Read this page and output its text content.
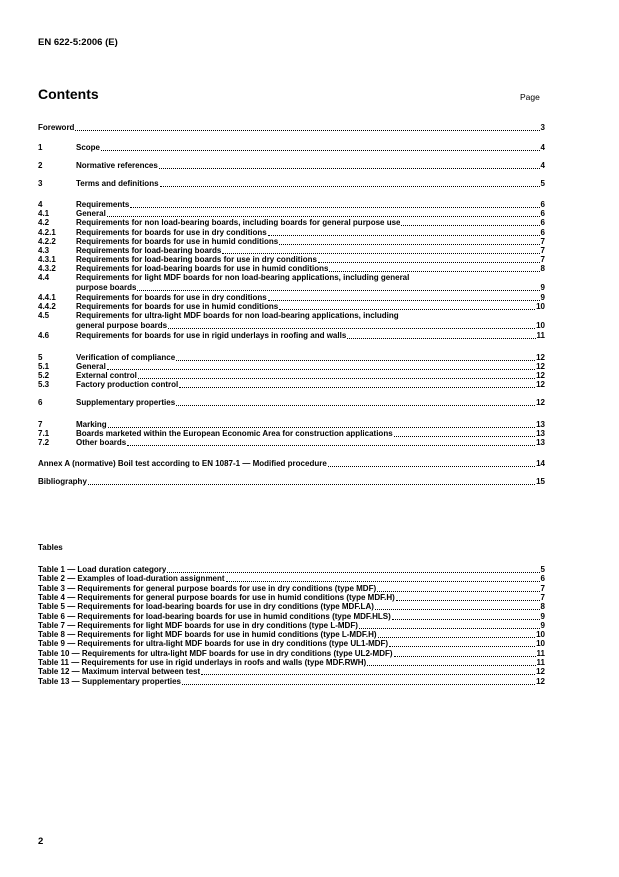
EN 622-5:2006 (E)
Contents	Page
Foreword	3
1	Scope	4
2	Normative references	4
3	Terms and definitions	5
4	Requirements	6
4.1	General	6
4.2	Requirements for non load-bearing boards, including boards for general purpose use	6
4.2.1	Requirements for boards for use in dry conditions	6
4.2.2	Requirements for boards for use in humid conditions	7
4.3	Requirements for load-bearing boards	7
4.3.1	Requirements for load-bearing boards for use in dry conditions	7
4.3.2	Requirements for load-bearing boards for use in humid conditions	8
4.4	Requirements for light MDF boards for non load-bearing applications, including general
purpose boards	9
4.4.1	Requirements for boards for use in dry conditions	9
4.4.2	Requirements for boards for use in humid conditions	10
4.5	Requirements for ultra-light MDF boards for non load-bearing applications, including
general purpose boards	10
4.6	Requirements for boards for use in rigid underlays in roofing and walls	11
5	Verification of compliance	12
5.1	General	12
5.2	External control	12
5.3	Factory production control	12
6	Supplementary properties	12
7	Marking	13
7.1	Boards marketed within the European Economic Area for construction applications	13
7.2	Other boards	13
Annex A (normative) Boil test according to EN 1087-1 — Modified procedure	14
Bibliography	15
Tables
Table 1 — Load duration category	5
Table 2 — Examples of load-duration assignment	6
Table 3 — Requirements for general purpose boards for use in dry conditions (type MDF)	7
Table 4 — Requirements for general purpose boards for use in humid conditions (type MDF.H)	7
Table 5 — Requirements for load-bearing boards for use in dry conditions (type MDF.LA)	8
Table 6 — Requirements for load-bearing boards for use in humid conditions (type MDF.HLS)	9
Table 7 — Requirements for light MDF boards for use in dry conditions (type L-MDF)	9
Table 8 — Requirements for light MDF boards for use in humid conditions (type L-MDF.H)	10
Table 9 — Requirements for ultra-light MDF boards for use in dry conditions (type UL1-MDF)	10
Table 10 — Requirements for ultra-light MDF boards for use in dry conditions (type UL2-MDF)	11
Table 11 — Requirements for use in rigid underlays in roofs and walls (type MDF.RWH)	11
Table 12 — Maximum interval between test	12
Table 13 — Supplementary properties	12
2
